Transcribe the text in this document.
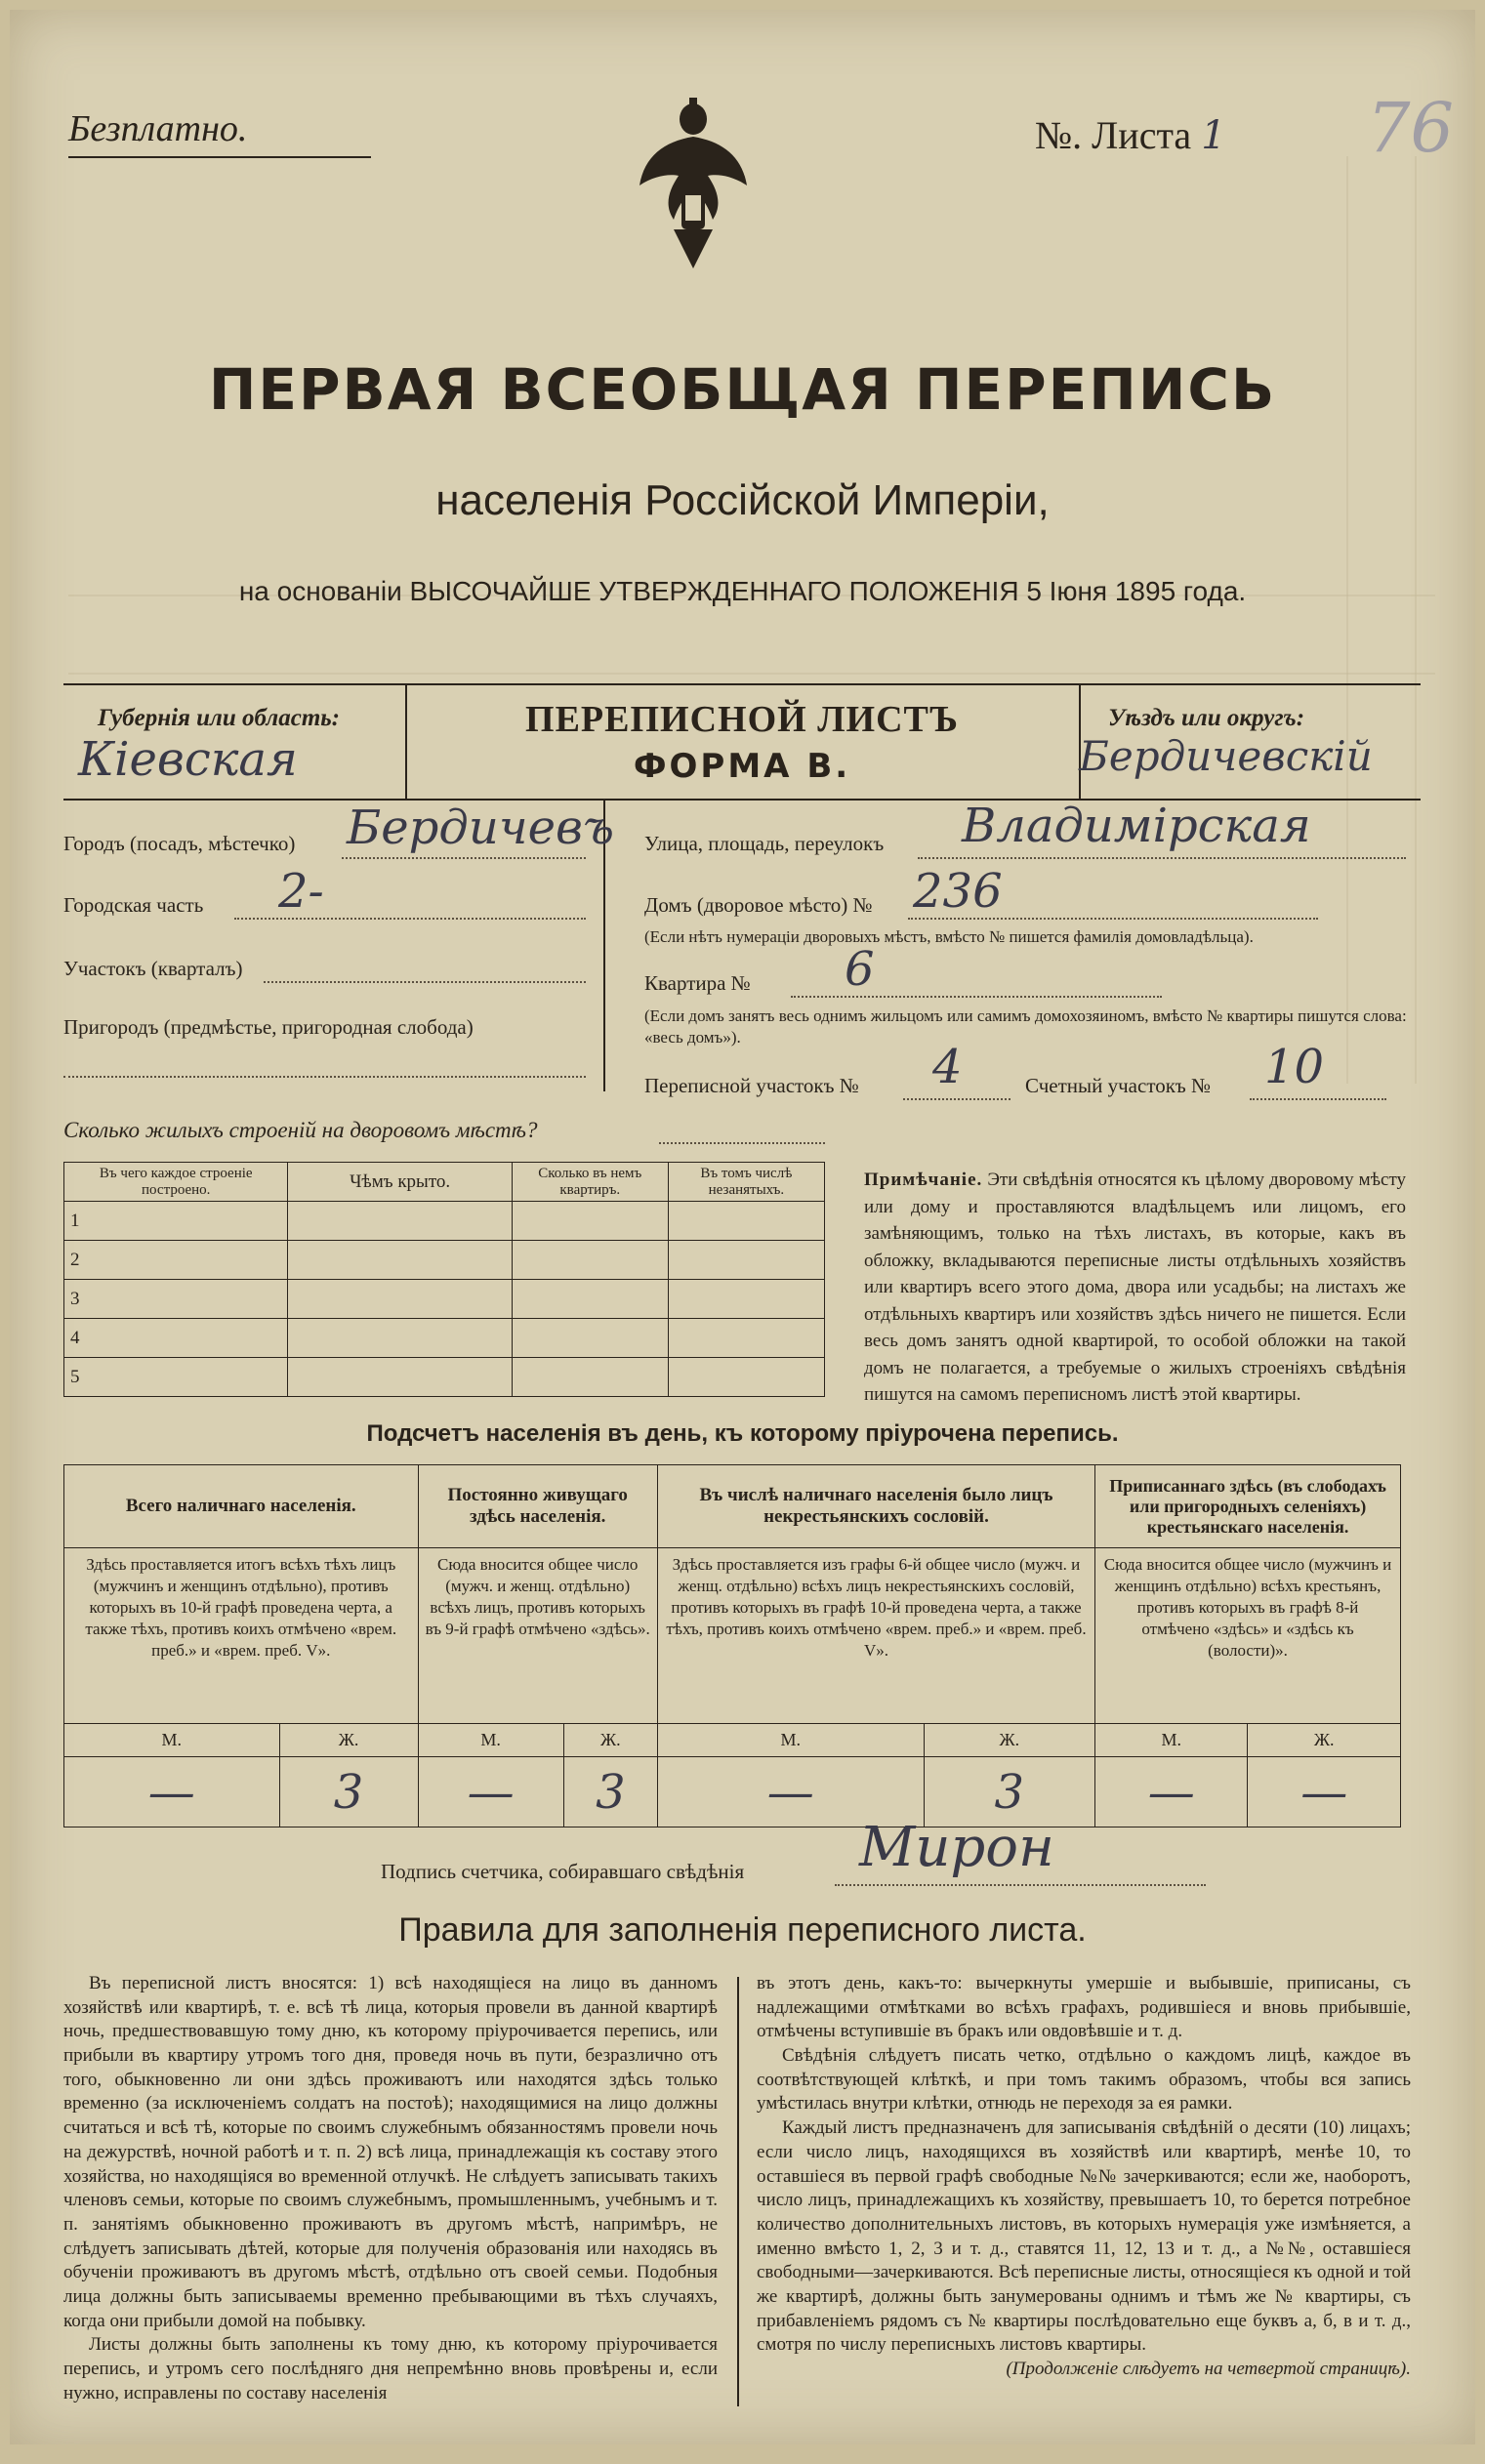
Безплатно.	№. Листа 1 76
ПЕРВАЯ ВСЕОБЩАЯ ПЕРЕПИСЬ
населенія Россійской Имперіи,
на основаніи ВЫСОЧАЙШЕ УТВЕРЖДЕННАГО ПОЛОЖЕНІЯ 5 Іюня 1895 года.
Губернія или область:
Кіевская
ПЕРЕПИСНОЙ ЛИСТЪ
ФОРМА В.
Уѣздъ или округъ:
Бердичевскій
Городъ (посадъ, мѣстечко) Бердичевъ
Городская часть 2-
Участокъ (кварталъ)
Пригородъ (предмѣстье, пригородная слобода)
Улица, площадь, переулокъ Владимірская
Домъ (дворовое мѣсто) № 236
(Если нѣтъ нумераціи дворовыхъ мѣстъ, вмѣсто № пишется фамилія домовладѣльца).
Квартира № 6
(Если домъ занятъ весь однимъ жильцомъ или самимъ домохозяиномъ, вмѣсто № квартиры пишутся слова: «весь домъ»).
Переписной участокъ № 4	Счетный участокъ № 10
Сколько жилыхъ строеній на дворовомъ мѣстѣ?
Въ чего каждое строеніе построено.	Чѣмъ крыто.	Сколько въ немъ квартиръ.	Въ томъ числѣ незанятыхъ.
1			
2			
3			
4			
5			
Примѣчаніе. Эти свѣдѣнія относятся къ цѣлому дворовому мѣсту или дому и проставляются владѣльцемъ или лицомъ, его замѣняющимъ, только на тѣхъ листахъ, въ которые, какъ въ обложку, вкладываются переписные листы отдѣльныхъ хозяйствъ или квартиръ всего этого дома, двора или усадьбы; на листахъ же отдѣльныхъ квартиръ или хозяйствъ здѣсь ничего не пишется. Если весь домъ занятъ одной квартирой, то особой обложки на такой домъ не полагается, а требуемые о жилыхъ строеніяхъ свѣдѣнія пишутся на самомъ переписномъ листѣ этой квартиры.
Подсчетъ населенія въ день, къ которому пріурочена перепись.
Всего наличнаго населенія.		Постоянно живущаго здѣсь населенія.		Въ числѣ наличнаго населенія было лицъ некрестьянскихъ сословій.		Приписаннаго здѣсь (въ слободахъ или пригородныхъ селеніяхъ) крестьянскаго населенія.	
Здѣсь проставляется итогъ всѣхъ тѣхъ лицъ (мужчинъ и женщинъ отдѣльно), противъ которыхъ въ 10-й графѣ проведена черта, а также тѣхъ, противъ коихъ отмѣчено «врем. преб.» и «врем. преб. V».		Сюда вносится общее число (мужч. и женщ. отдѣльно) всѣхъ лицъ, противъ которыхъ въ 9-й графѣ отмѣчено «здѣсь».		Здѣсь проставляется изъ графы 6-й общее число (мужч. и женщ. отдѣльно) всѣхъ лицъ некрестьянскихъ сословій, противъ которыхъ въ графѣ 10-й проведена черта, а также тѣхъ, противъ коихъ отмѣчено «врем. преб.» и «врем. преб. V».		Сюда вносится общее число (мужчинъ и женщинъ отдѣльно) всѣхъ крестьянъ, противъ которыхъ въ графѣ 8-й отмѣчено «здѣсь» и «здѣсь къ (волости)».	
М.	Ж.	М.	Ж.	М.	Ж.	М.	Ж.
—	3	—	3	—	3	—	—
Подпись счетчика, собиравшаго свѣдѣнія Мирон
Правила для заполненія переписного листа.

Въ переписной листъ вносятся: 1) всѣ находящіеся на лицо въ данномъ хозяйствѣ или квартирѣ, т. е. всѣ тѣ лица, которыя провели въ данной квартирѣ ночь, предшествовавшую тому дню, къ которому пріурочивается перепись, или прибыли въ квартиру утромъ того дня, проведя ночь въ пути, безразлично отъ того, обыкновенно ли они здѣсь проживаютъ или находятся здѣсь только временно (за исключеніемъ солдатъ на постоѣ); находящимися на лицо должны считаться и всѣ тѣ, которые по своимъ служебнымъ обязанностямъ провели ночь на дежурствѣ, ночной работѣ и т. п. 2) всѣ лица, принадлежащія къ составу этого хозяйства, но находящіяся во временной отлучкѣ. Не слѣдуетъ записывать такихъ членовъ семьи, которые по своимъ служебнымъ, промышленнымъ, учебнымъ и т. п. занятіямъ обыкновенно проживаютъ въ другомъ мѣстѣ, напримѣръ, не слѣдуетъ записывать дѣтей, которые для полученія образованія или находясь въ обученіи проживаютъ въ другомъ мѣстѣ, отдѣльно отъ своей семьи. Подобныя лица должны быть записываемы временно пребывающими въ тѣхъ случаяхъ, когда они прибыли домой на побывку.

Листы должны быть заполнены къ тому дню, къ которому пріурочивается перепись, и утромъ сего послѣдняго дня непремѣнно вновь провѣрены и, если нужно, исправлены по составу населенія

въ этотъ день, какъ-то: вычеркнуты умершіе и выбывшіе, приписаны, съ надлежащими отмѣтками во всѣхъ графахъ, родившіеся и вновь прибывшіе, отмѣчены вступившіе въ бракъ или овдовѣвшіе и т. д.

Свѣдѣнія слѣдуетъ писать четко, отдѣльно о каждомъ лицѣ, каждое въ соотвѣтствующей клѣткѣ, и при томъ такимъ образомъ, чтобы вся запись умѣстилась внутри клѣтки, отнюдь не переходя за ея рамки.

Каждый листъ предназначенъ для записыванія свѣдѣній о десяти (10) лицахъ; если число лицъ, находящихся въ хозяйствѣ или квартирѣ, менѣе 10, то оставшіеся въ первой графѣ свободные №№ зачеркиваются; если же, наоборотъ, число лицъ, принадлежащихъ къ хозяйству, превышаетъ 10, то берется потребное количество дополнительныхъ листовъ, въ которыхъ нумерація уже измѣняется, а именно вмѣсто 1, 2, 3 и т. д., ставятся 11, 12, 13 и т. д., а №№, оставшіеся свободными—зачеркиваются. Всѣ переписные листы, относящіеся къ одной и той же квартирѣ, должны быть занумерованы однимъ и тѣмъ же № квартиры, съ прибавленіемъ рядомъ съ № квартиры послѣдовательно еще буквъ а, б, в и т. д., смотря по числу переписныхъ листовъ квартиры.

(Продолженіе слѣдуетъ на четвертой страницѣ).
